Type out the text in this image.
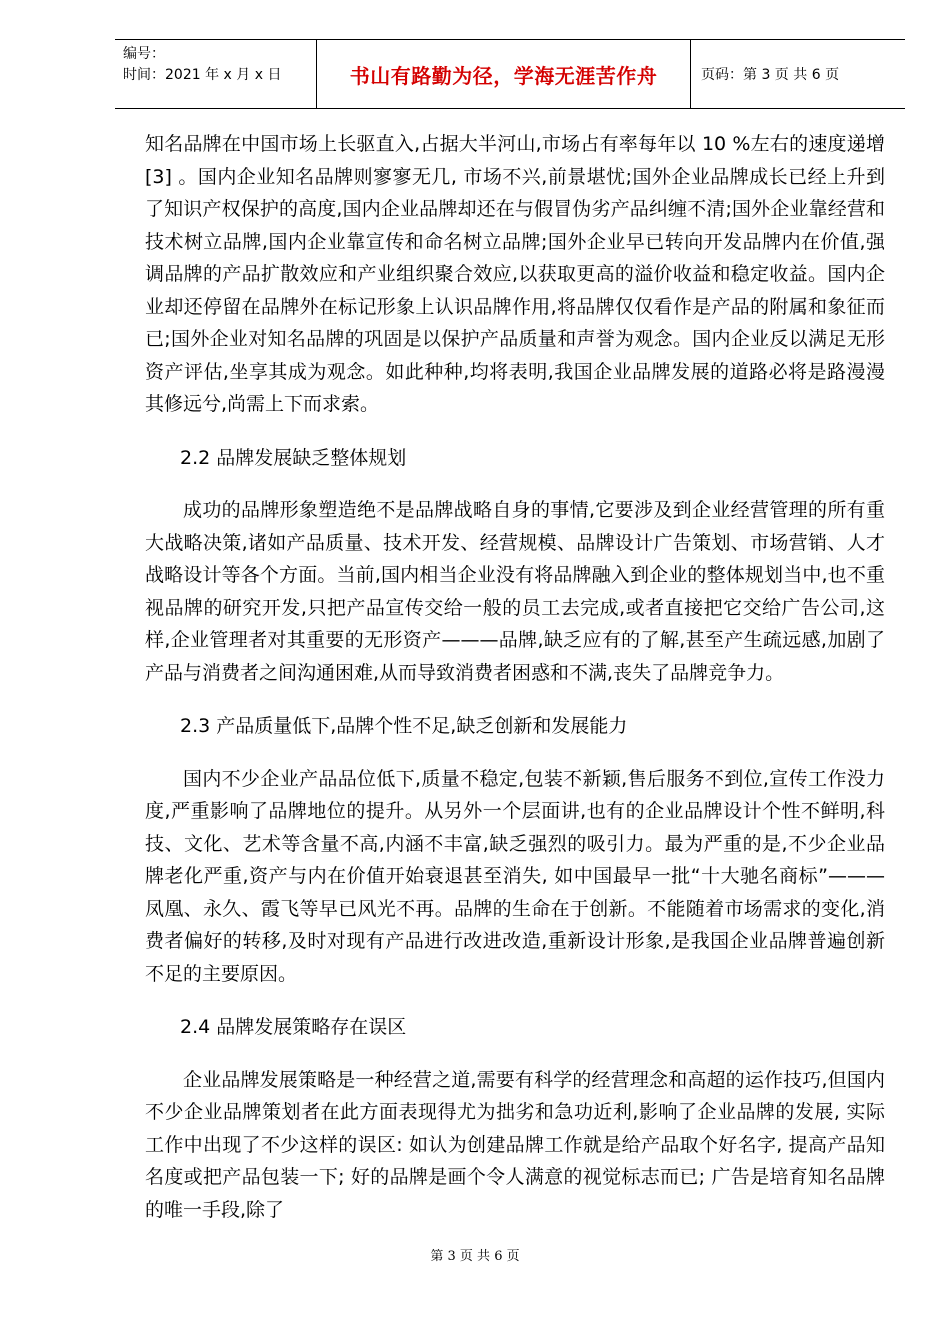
编号：
时间：2021 年 x 月 x 日	书山有路勤为径，学海无涯苦作舟	页码：第 3 页 共 6 页

知名品牌在中国市场上长驱直入,占据大半河山,市场占有率每年以 10 %左右的速度递增[3] 。国内企业知名品牌则寥寥无几, 市场不兴,前景堪忧;国外企业品牌成长已经上升到了知识产权保护的高度,国内企业品牌却还在与假冒伪劣产品纠缠不清;国外企业靠经营和技术树立品牌,国内企业靠宣传和命名树立品牌;国外企业早已转向开发品牌内在价值,强调品牌的产品扩散效应和产业组织聚合效应,以获取更高的溢价收益和稳定收益。国内企业却还停留在品牌外在标记形象上认识品牌作用,将品牌仅仅看作是产品的附属和象征而已;国外企业对知名品牌的巩固是以保护产品质量和声誉为观念。国内企业反以满足无形资产评估,坐享其成为观念。如此种种,均将表明,我国企业品牌发展的道路必将是路漫漫其修远兮,尚需上下而求索。

2.2 品牌发展缺乏整体规划

成功的品牌形象塑造绝不是品牌战略自身的事情,它要涉及到企业经营管理的所有重大战略决策,诸如产品质量、技术开发、经营规模、品牌设计广告策划、市场营销、人才战略设计等各个方面。当前,国内相当企业没有将品牌融入到企业的整体规划当中,也不重视品牌的研究开发,只把产品宣传交给一般的员工去完成,或者直接把它交给广告公司,这样,企业管理者对其重要的无形资产———品牌,缺乏应有的了解,甚至产生疏远感,加剧了产品与消费者之间沟通困难,从而导致消费者困惑和不满,丧失了品牌竞争力。

2.3 产品质量低下,品牌个性不足,缺乏创新和发展能力

国内不少企业产品品位低下,质量不稳定,包装不新颖,售后服务不到位,宣传工作没力度,严重影响了品牌地位的提升。从另外一个层面讲,也有的企业品牌设计个性不鲜明,科技、文化、艺术等含量不高,内涵不丰富,缺乏强烈的吸引力。最为严重的是,不少企业品牌老化严重,资产与内在价值开始衰退甚至消失, 如中国最早一批“十大驰名商标”———凤凰、永久、霞飞等早已风光不再。品牌的生命在于创新。不能随着市场需求的变化,消费者偏好的转移,及时对现有产品进行改进改造,重新设计形象,是我国企业品牌普遍创新不足的主要原因。

2.4 品牌发展策略存在误区

企业品牌发展策略是一种经营之道,需要有科学的经营理念和高超的运作技巧,但国内不少企业品牌策划者在此方面表现得尤为拙劣和急功近利,影响了企业品牌的发展, 实际工作中出现了不少这样的误区: 如认为创建品牌工作就是给产品取个好名字, 提高产品知名度或把产品包装一下; 好的品牌是画个令人满意的视觉标志而已; 广告是培育知名品牌的唯一手段,除了

第 3 页 共 6 页
